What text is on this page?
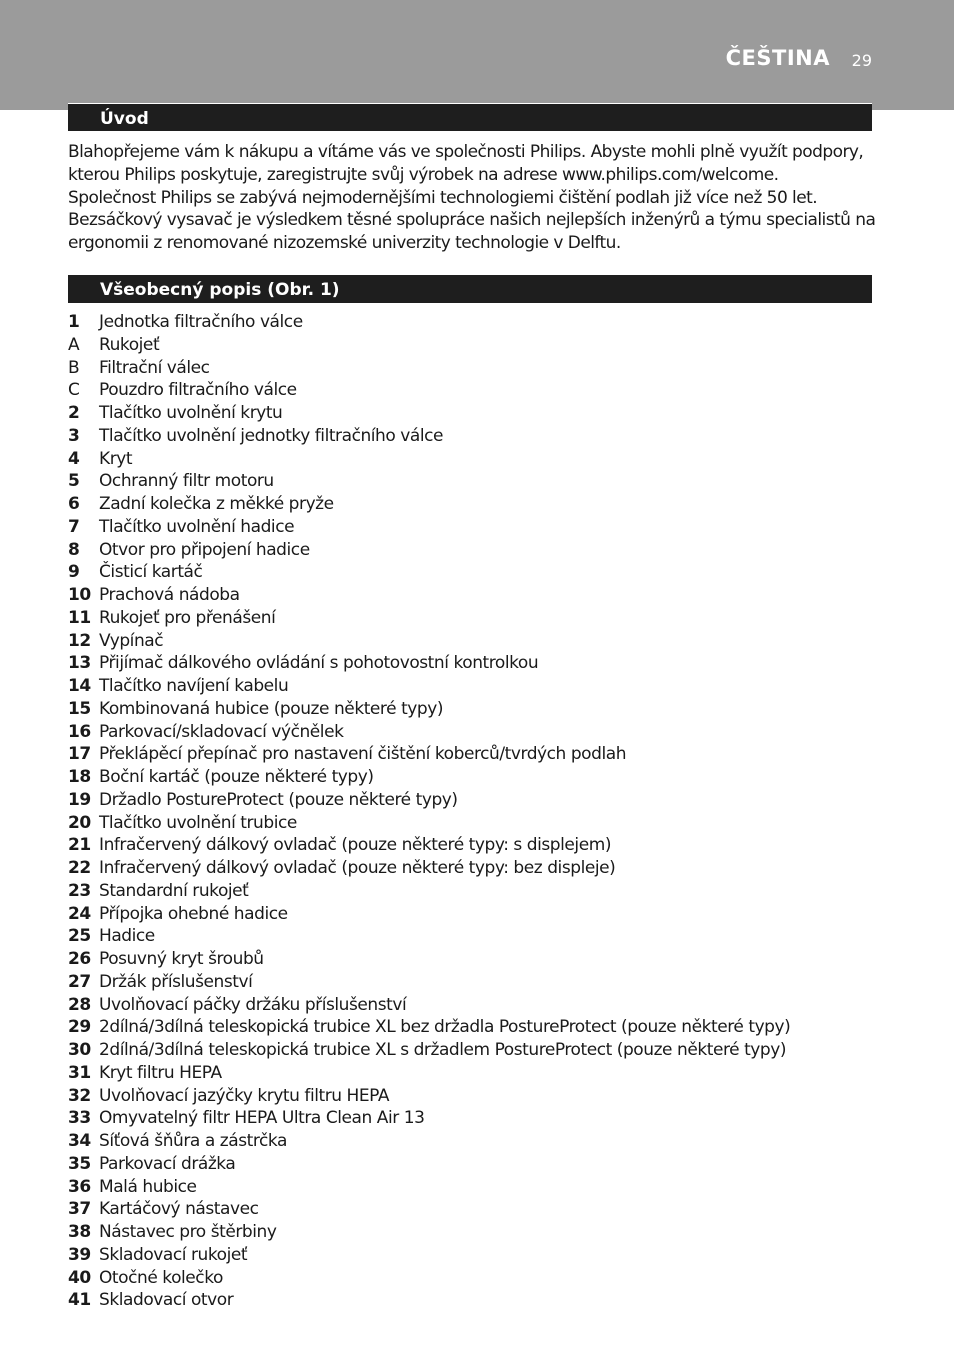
ČEŠTINA 29
Úvod

Blahopřejeme vám k nákupu a vítáme vás ve společnosti Philips. Abyste mohli plně využít podpory, kterou Philips poskytuje, zaregistrujte svůj výrobek na adrese www.philips.com/welcome.

Společnost Philips se zabývá nejmodernějšími technologiemi čištění podlah již více než 50 let. Bezsáčkový vysavač je výsledkem těsné spolupráce našich nejlepších inženýrů a týmu specialistů na ergonomii z renomované nizozemské univerzity technologie v Delftu.

Všeobecný popis (Obr. 1)
1 Jednotka filtračního válce
A Rukojeť
B Filtrační válec
C Pouzdro filtračního válce
2 Tlačítko uvolnění krytu
3 Tlačítko uvolnění jednotky filtračního válce
4 Kryt
5 Ochranný filtr motoru
6 Zadní kolečka z měkké pryže
7 Tlačítko uvolnění hadice
8 Otvor pro připojení hadice
9 Čisticí kartáč
10 Prachová nádoba
11 Rukojeť pro přenášení
12 Vypínač
13 Přijímač dálkového ovládání s pohotovostní kontrolkou
14 Tlačítko navíjení kabelu
15 Kombinovaná hubice (pouze některé typy)
16 Parkovací/skladovací výčnělek
17 Překlápěcí přepínač pro nastavení čištění koberců/tvrdých podlah
18 Boční kartáč (pouze některé typy)
19 Držadlo PostureProtect (pouze některé typy)
20 Tlačítko uvolnění trubice
21 Infračervený dálkový ovladač (pouze některé typy: s displejem)
22 Infračervený dálkový ovladač (pouze některé typy: bez displeje)
23 Standardní rukojeť
24 Přípojka ohebné hadice
25 Hadice
26 Posuvný kryt šroubů
27 Držák příslušenství
28 Uvolňovací páčky držáku příslušenství
29 2dílná/3dílná teleskopická trubice XL bez držadla PostureProtect (pouze některé typy)
30 2dílná/3dílná teleskopická trubice XL s držadlem PostureProtect (pouze některé typy)
31 Kryt filtru HEPA
32 Uvolňovací jazýčky krytu filtru HEPA
33 Omyvatelný filtr HEPA Ultra Clean Air 13
34 Síťová šňůra a zástrčka
35 Parkovací drážka
36 Malá hubice
37 Kartáčový nástavec
38 Nástavec pro štěrbiny
39 Skladovací rukojeť
40 Otočné kolečko
41 Skladovací otvor
